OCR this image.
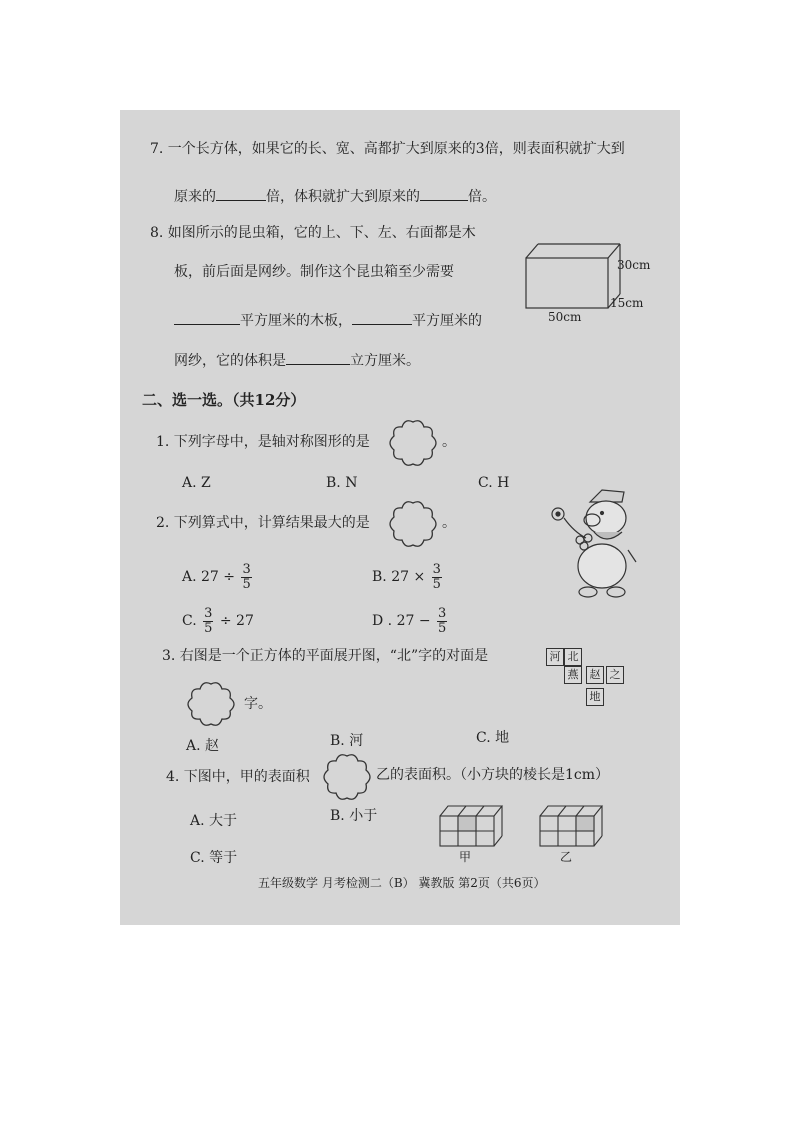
7. 一个长方体，如果它的长、宽、高都扩大到原来的3倍，则表面积就扩大到
原来的	倍，体积就扩大到原来的	倍。
8. 如图所示的昆虫箱，它的上、下、左、右面都是木
板，前后面是网纱。制作这个昆虫箱至少需要
平方厘米的木板，	平方厘米的
网纱，它的体积是	立方厘米。
30cm
15cm
50cm
二、选一选。（共12分）
1. 下列字母中，是轴对称图形的是	。
A. Z	B. N	C. H
2. 下列算式中，计算结果最大的是	。
A. $27 \div \frac{3}{5}$	B. $27 \times \frac{3}{5}$
C. $\frac{3}{5} \div 27$	D . $27 - \frac{3}{5}$
3. 右图是一个正方体的平面展开图，“北”字的对面是
字。
A. 赵	B. 河	C. 地
河 北
燕	赵 之
地
4. 下图中，甲的表面积	乙的表面积。（小方块的棱长是1cm）
A. 大于	B. 小于
C. 等于	甲	乙
五年级数学 月考检测二（B） 冀教版 第2页（共6页）
